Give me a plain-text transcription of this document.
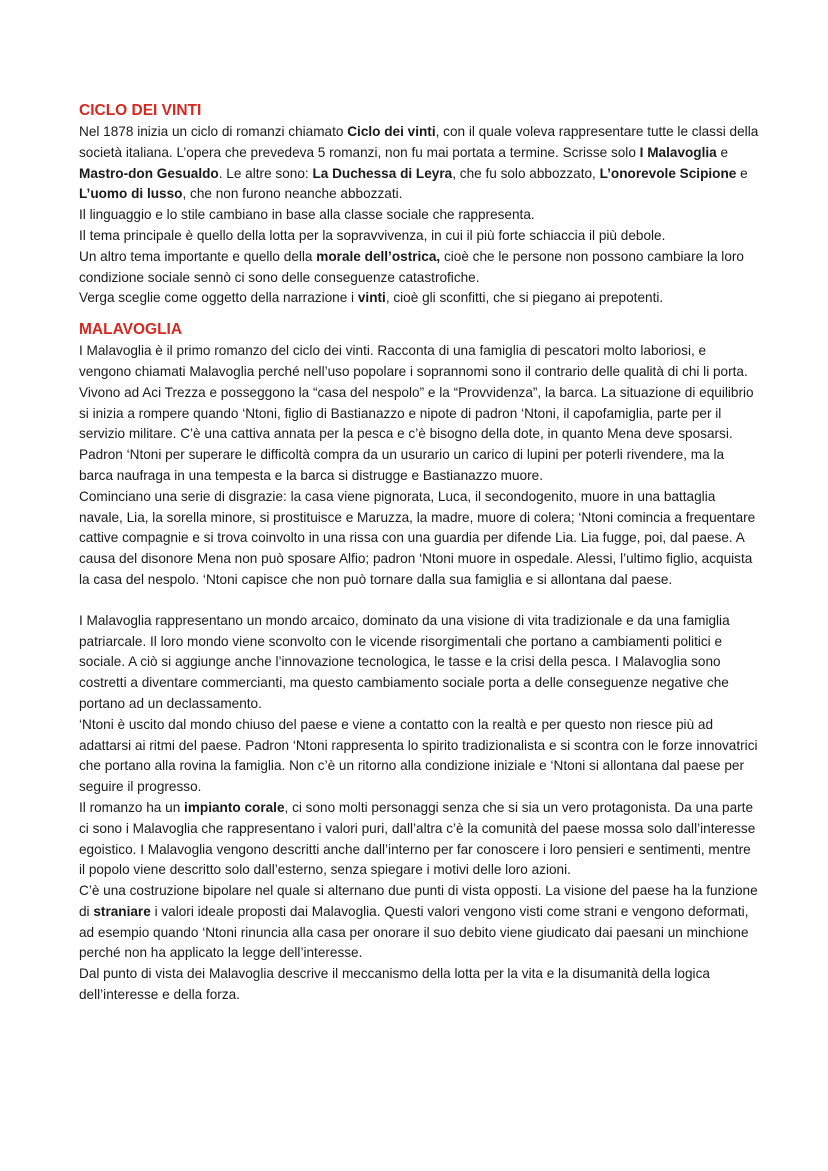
CICLO DEI VINTI

Nel 1878 inizia un ciclo di romanzi chiamato Ciclo dei vinti, con il quale voleva rappresentare tutte le classi della società italiana. L’opera che prevedeva 5 romanzi, non fu mai portata a termine. Scrisse solo I Malavoglia e Mastro-don Gesualdo. Le altre sono: La Duchessa di Leyra, che fu solo abbozzato, L’onorevole Scipione e L’uomo di lusso, che non furono neanche abbozzati.

Il linguaggio e lo stile cambiano in base alla classe sociale che rappresenta.

Il tema principale è quello della lotta per la sopravvivenza, in cui il più forte schiaccia il più debole.

Un altro tema importante e quello della morale dell’ostrica, cioè che le persone non possono cambiare la loro condizione sociale sennò ci sono delle conseguenze catastrofiche.

Verga sceglie come oggetto della narrazione i vinti, cioè gli sconfitti, che si piegano ai prepotenti.

MALAVOGLIA

I Malavoglia è il primo romanzo del ciclo dei vinti. Racconta di una famiglia di pescatori molto laboriosi, e vengono chiamati Malavoglia perché nell’uso popolare i soprannomi sono il contrario delle qualità di chi li porta. Vivono ad Aci Trezza e posseggono la “casa del nespolo” e la “Provvidenza”, la barca. La situazione di equilibrio si inizia a rompere quando ‘Ntoni, figlio di Bastianazzo e nipote di padron ‘Ntoni, il capofamiglia, parte per il servizio militare. C’è una cattiva annata per la pesca e c’è bisogno della dote, in quanto Mena deve sposarsi. Padron ‘Ntoni per superare le difficoltà compra da un usurario un carico di lupini per poterli rivendere, ma la barca naufraga in una tempesta e la barca si distrugge e Bastianazzo muore.

Cominciano una serie di disgrazie: la casa viene pignorata, Luca, il secondogenito, muore in una battaglia navale, Lia, la sorella minore, si prostituisce e Maruzza, la madre, muore di colera; ‘Ntoni comincia a frequentare cattive compagnie e si trova coinvolto in una rissa con una guardia per difende Lia. Lia fugge, poi, dal paese. A causa del disonore Mena non può sposare Alfio; padron ‘Ntoni muore in ospedale. Alessi, l’ultimo figlio, acquista la casa del nespolo. ‘Ntoni capisce che non può tornare dalla sua famiglia e si allontana dal paese.

I Malavoglia rappresentano un mondo arcaico, dominato da una visione di vita tradizionale e da una famiglia patriarcale. Il loro mondo viene sconvolto con le vicende risorgimentali che portano a cambiamenti politici e sociale. A ciò si aggiunge anche l’innovazione tecnologica, le tasse e la crisi della pesca. I Malavoglia sono costretti a diventare commercianti, ma questo cambiamento sociale porta a delle conseguenze negative che portano ad un declassamento.

‘Ntoni è uscito dal mondo chiuso del paese e viene a contatto con la realtà e per questo non riesce più ad adattarsi ai ritmi del paese. Padron ‘Ntoni rappresenta lo spirito tradizionalista e si scontra con le forze innovatrici che portano alla rovina la famiglia. Non c’è un ritorno alla condizione iniziale e ‘Ntoni si allontana dal paese per seguire il progresso.

Il romanzo ha un impianto corale, ci sono molti personaggi senza che si sia un vero protagonista. Da una parte ci sono i Malavoglia che rappresentano i valori puri, dall’altra c’è la comunità del paese mossa solo dall’interesse egoistico. I Malavoglia vengono descritti anche dall’interno per far conoscere i loro pensieri e sentimenti, mentre il popolo viene descritto solo dall’esterno, senza spiegare i motivi delle loro azioni.

C’è una costruzione bipolare nel quale si alternano due punti di vista opposti. La visione del paese ha la funzione di straniare i valori ideale proposti dai Malavoglia. Questi valori vengono visti come strani e vengono deformati, ad esempio quando ‘Ntoni rinuncia alla casa per onorare il suo debito viene giudicato dai paesani un minchione perché non ha applicato la legge dell’interesse.

Dal punto di vista dei Malavoglia descrive il meccanismo della lotta per la vita e la disumanità della logica dell’interesse e della forza.
